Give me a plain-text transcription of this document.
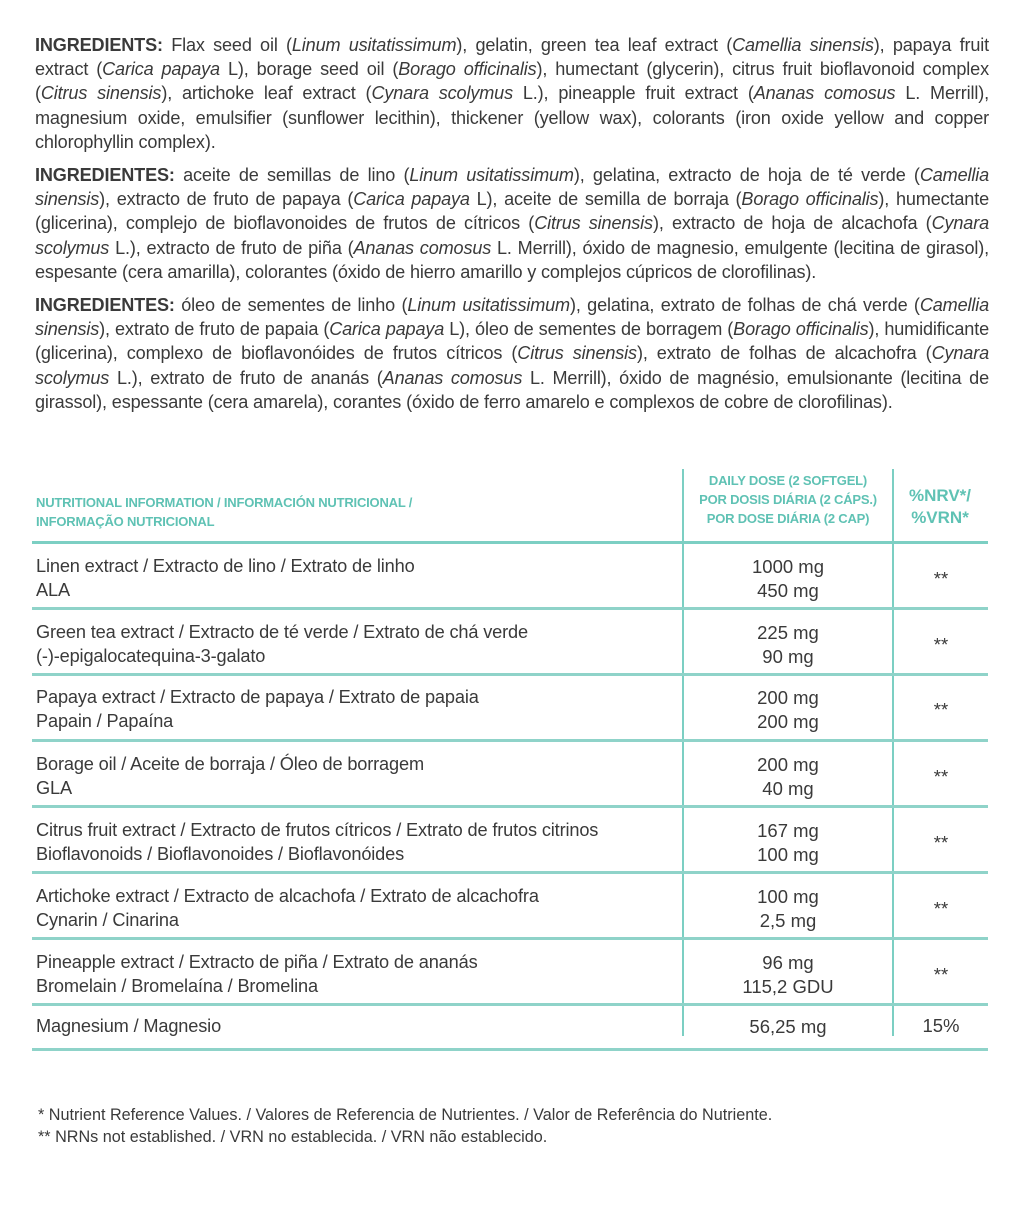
INGREDIENTS: Flax seed oil (Linum usitatissimum), gelatin, green tea leaf extract (Camellia sinensis), papaya fruit extract (Carica papaya L), borage seed oil (Borago officinalis), humectant (glycerin), citrus fruit bioflavonoid complex (Citrus sinensis), artichoke leaf extract (Cynara scolymus L.), pineapple fruit extract (Ananas comosus L. Merrill), magnesium oxide, emulsifier (sunflower lecithin), thickener (yellow wax), colorants (iron oxide yellow and copper chlorophyllin complex).
INGREDIENTES: aceite de semillas de lino (Linum usitatissimum), gelatina, extracto de hoja de té verde (Camellia sinensis), extracto de fruto de papaya (Carica papaya L), aceite de semilla de borraja (Borago officinalis), humectante (glicerina), complejo de bioflavonoides de frutos de cítricos (Citrus sinensis), extracto de hoja de alcachofa (Cynara scolymus L.), extracto de fruto de piña (Ananas comosus L. Merrill), óxido de magnesio, emulgente (lecitina de girasol), espesante (cera amarilla), colorantes (óxido de hierro amarillo y complejos cúpricos de clorofilinas).
INGREDIENTES: óleo de sementes de linho (Linum usitatissimum), gelatina, extrato de folhas de chá verde (Camellia sinensis), extrato de fruto de papaia (Carica papaya L), óleo de sementes de borragem (Borago officinalis), humidificante (glicerina), complexo de bioflavonóides de frutos cítricos (Citrus sinensis), extrato de folhas de alcachofra (Cynara scolymus L.), extrato de fruto de ananás (Ananas comosus L. Merrill), óxido de magnésio, emulsionante (lecitina de girassol), espessante (cera amarela), corantes (óxido de ferro amarelo e complexos de cobre de clorofilinas).
NUTRITIONAL INFORMATION / INFORMACIÓN NUTRICIONAL /
INFORMAÇÃO NUTRICIONAL
DAILY DOSE (2 SOFTGEL)
POR DOSIS DIÁRIA (2 CÁPS.)
POR DOSE DIÁRIA (2 CAP)
%NRV*/
%VRN*
Linen extract / Extracto de lino / Extrato de linho
ALA
1000 mg
450 mg
**
Green tea extract / Extracto de té verde / Extrato de chá verde
(-)-epigalocatequina-3-galato
225 mg
90 mg
**
Papaya extract / Extracto de papaya / Extrato de papaia
Papain / Papaína
200 mg
200 mg
**
Borage oil / Aceite de borraja / Óleo de borragem
GLA
200 mg
40 mg
**
Citrus fruit extract / Extracto de frutos cítricos / Extrato de frutos citrinos
Bioflavonoids / Bioflavonoides / Bioflavonóides
167 mg
100 mg
**
Artichoke extract / Extracto de alcachofa / Extrato de alcachofra
Cynarin / Cinarina
100 mg
2,5 mg
**
Pineapple extract / Extracto de piña / Extrato de ananás
Bromelain / Bromelaína / Bromelina
96 mg
115,2 GDU
**
Magnesium / Magnesio	56,25 mg	15%
* Nutrient Reference Values. / Valores de Referencia de Nutrientes. / Valor de Referência do Nutriente.
** NRNs not established. / VRN no establecida. / VRN não establecido.
